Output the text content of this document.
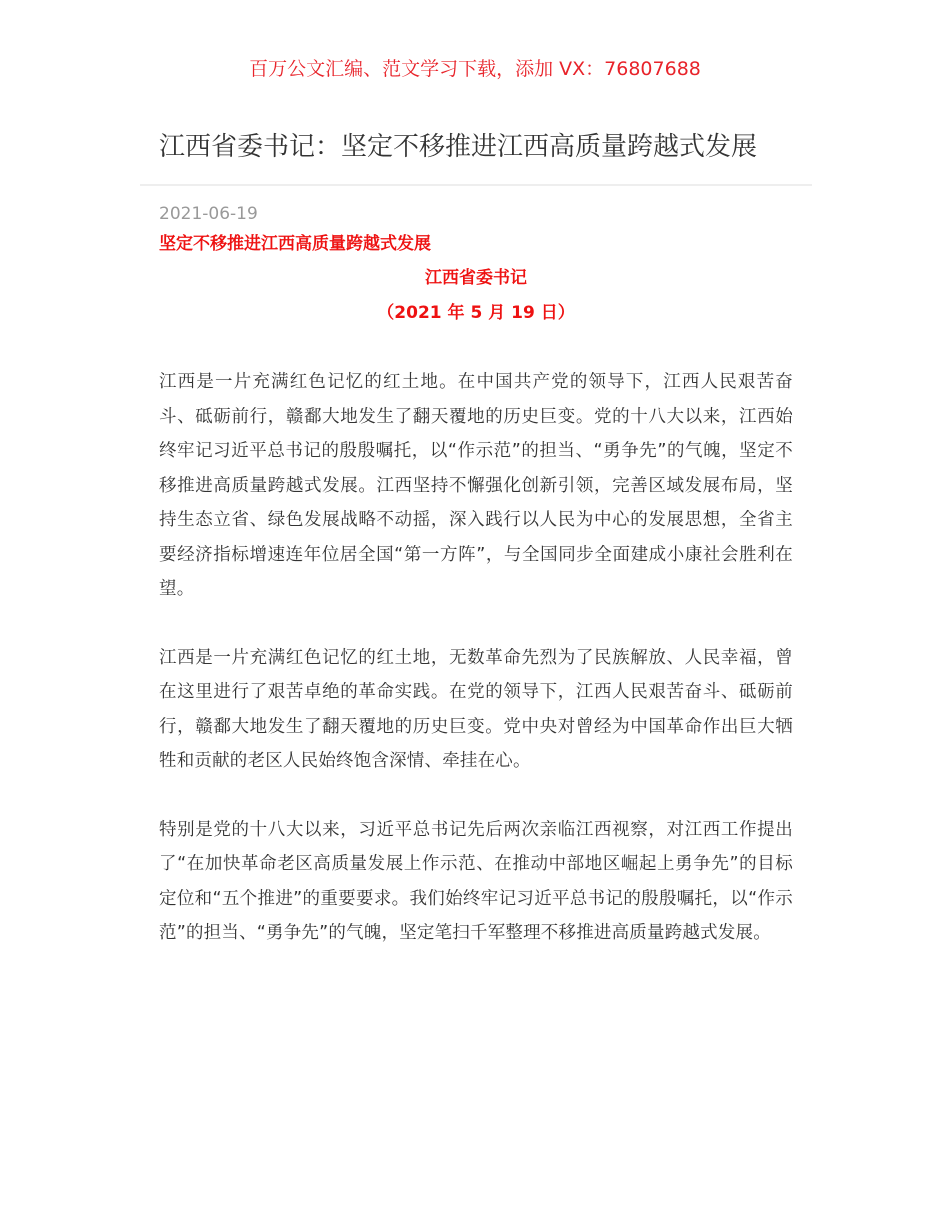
百万公文汇编、范文学习下载，添加 VX：76807688
江西省委书记：坚定不移推进江西高质量跨越式发展
2021-06-19
坚定不移推进江西高质量跨越式发展
江西省委书记
（2021 年 5 月 19 日）

江西是一片充满红色记忆的红土地。在中国共产党的领导下，江西人民艰苦奋斗、砥砺前行，赣鄱大地发生了翻天覆地的历史巨变。党的十八大以来，江西始终牢记习近平总书记的殷殷嘱托，以“作示范”的担当、“勇争先”的气魄，坚定不移推进高质量跨越式发展。江西坚持不懈强化创新引领，完善区域发展布局，坚持生态立省、绿色发展战略不动摇，深入践行以人民为中心的发展思想，全省主要经济指标增速连年位居全国“第一方阵”，与全国同步全面建成小康社会胜利在望。

江西是一片充满红色记忆的红土地，无数革命先烈为了民族解放、人民幸福，曾在这里进行了艰苦卓绝的革命实践。在党的领导下，江西人民艰苦奋斗、砥砺前行，赣鄱大地发生了翻天覆地的历史巨变。党中央对曾经为中国革命作出巨大牺牲和贡献的老区人民始终饱含深情、牵挂在心。

特别是党的十八大以来，习近平总书记先后两次亲临江西视察，对江西工作提出了“在加快革命老区高质量发展上作示范、在推动中部地区崛起上勇争先”的目标定位和“五个推进”的重要要求。我们始终牢记习近平总书记的殷殷嘱托，以“作示范”的担当、“勇争先”的气魄，坚定笔扫千军整理不移推进高质量跨越式发展。
